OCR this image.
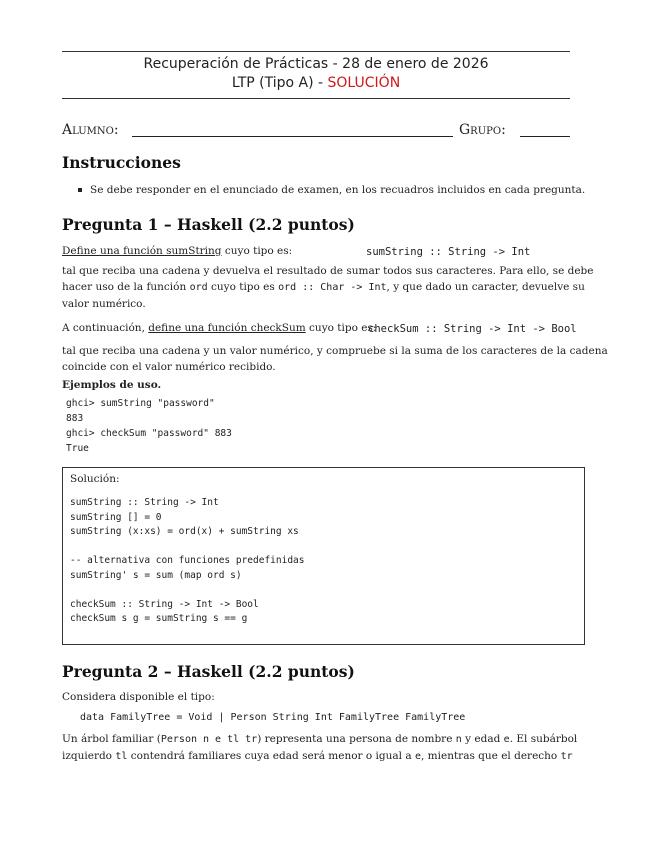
Recuperación de Prácticas - 28 de enero de 2026
LTP (Tipo A) - SOLUCIÓN
Alumno:	Grupo:
Instrucciones
Se debe responder en el enunciado de examen, en los recuadros incluidos en cada pregunta.
Pregunta 1 – Haskell (2.2 puntos)
Define una función sumString cuyo tipo es:	sumString :: String -> Int
tal que reciba una cadena y devuelva el resultado de sumar todos sus caracteres. Para ello, se debe
hacer uso de la función ord cuyo tipo es ord :: Char -> Int, y que dado un caracter, devuelve su
valor numérico.
A continuación, define una función checkSum cuyo tipo es:
checkSum :: String -> Int -> Bool
tal que reciba una cadena y un valor numérico, y compruebe si la suma de los caracteres de la cadena
coincide con el valor numérico recibido.
Ejemplos de uso.
ghci> sumString "password"
883
ghci> checkSum "password" 883
True
Solución:
sumString :: String -> Int
sumString [] = 0
sumString (x:xs) = ord(x) + sumString xs

-- alternativa con funciones predefinidas
sumString' s = sum (map ord s)

checkSum :: String -> Int -> Bool
checkSum s g = sumString s == g
Pregunta 2 – Haskell (2.2 puntos)
Considera disponible el tipo:
data FamilyTree = Void | Person String Int FamilyTree FamilyTree
Un árbol familiar (Person n e tl tr) representa una persona de nombre n y edad e. El subárbol
izquierdo tl contendrá familiares cuya edad será menor o igual a e, mientras que el derecho tr
